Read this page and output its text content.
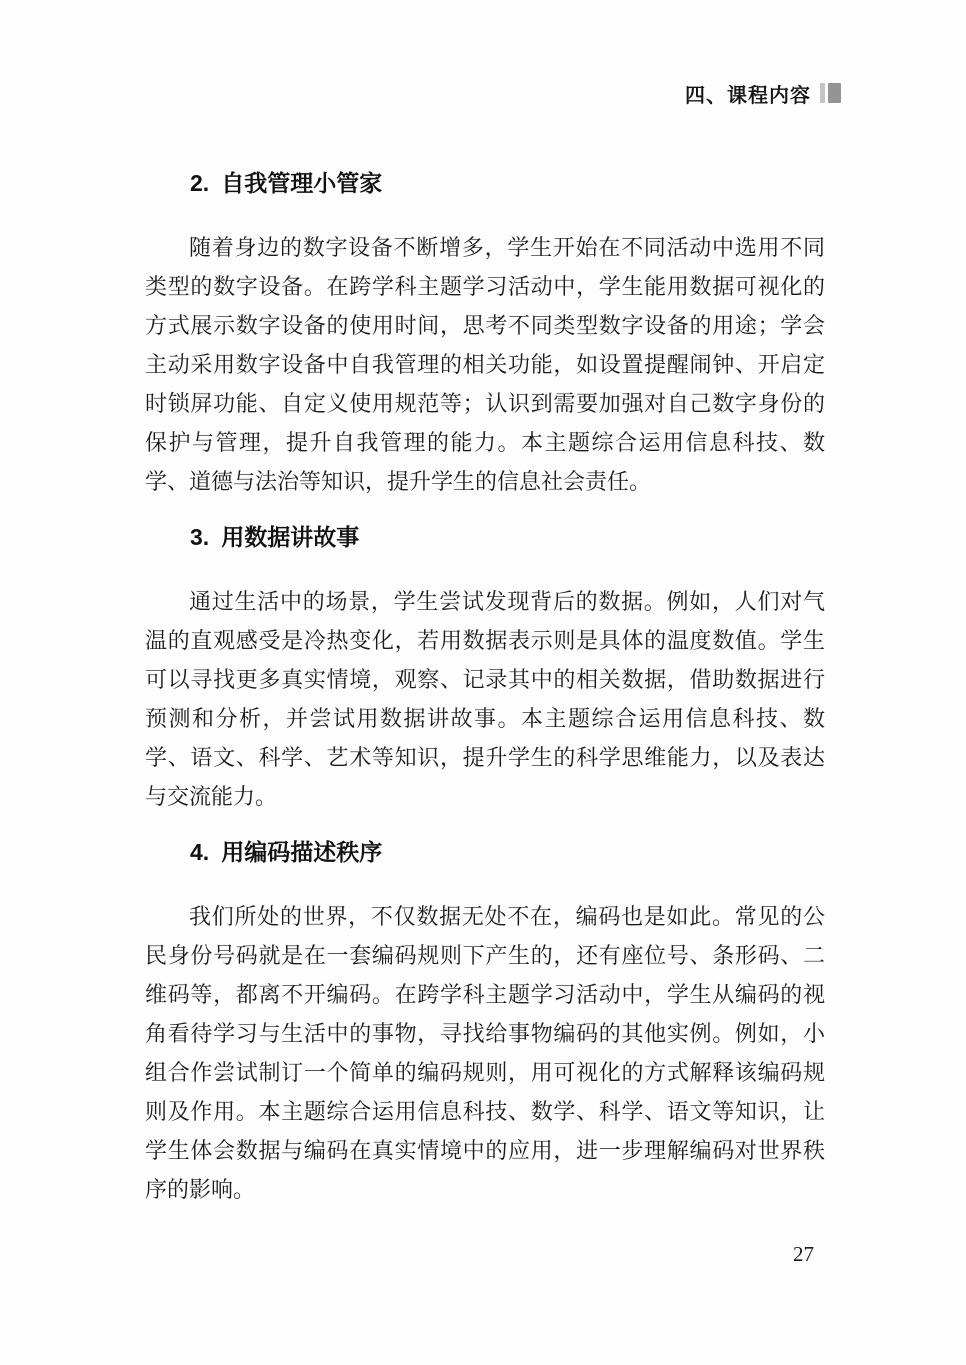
四、课程内容
2. 自我管理小管家
随着身边的数字设备不断增多，学生开始在不同活动中选用不同
类型的数字设备。在跨学科主题学习活动中，学生能用数据可视化的
方式展示数字设备的使用时间，思考不同类型数字设备的用途；学会
主动采用数字设备中自我管理的相关功能，如设置提醒闹钟、开启定
时锁屏功能、自定义使用规范等；认识到需要加强对自己数字身份的
保护与管理，提升自我管理的能力。本主题综合运用信息科技、数
学、道德与法治等知识，提升学生的信息社会责任。
3. 用数据讲故事
通过生活中的场景，学生尝试发现背后的数据。例如，人们对气
温的直观感受是冷热变化，若用数据表示则是具体的温度数值。学生
可以寻找更多真实情境，观察、记录其中的相关数据，借助数据进行
预测和分析，并尝试用数据讲故事。本主题综合运用信息科技、数
学、语文、科学、艺术等知识，提升学生的科学思维能力，以及表达
与交流能力。
4. 用编码描述秩序
我们所处的世界，不仅数据无处不在，编码也是如此。常见的公
民身份号码就是在一套编码规则下产生的，还有座位号、条形码、二
维码等，都离不开编码。在跨学科主题学习活动中，学生从编码的视
角看待学习与生活中的事物，寻找给事物编码的其他实例。例如，小
组合作尝试制订一个简单的编码规则，用可视化的方式解释该编码规
则及作用。本主题综合运用信息科技、数学、科学、语文等知识，让
学生体会数据与编码在真实情境中的应用，进一步理解编码对世界秩
序的影响。
27
